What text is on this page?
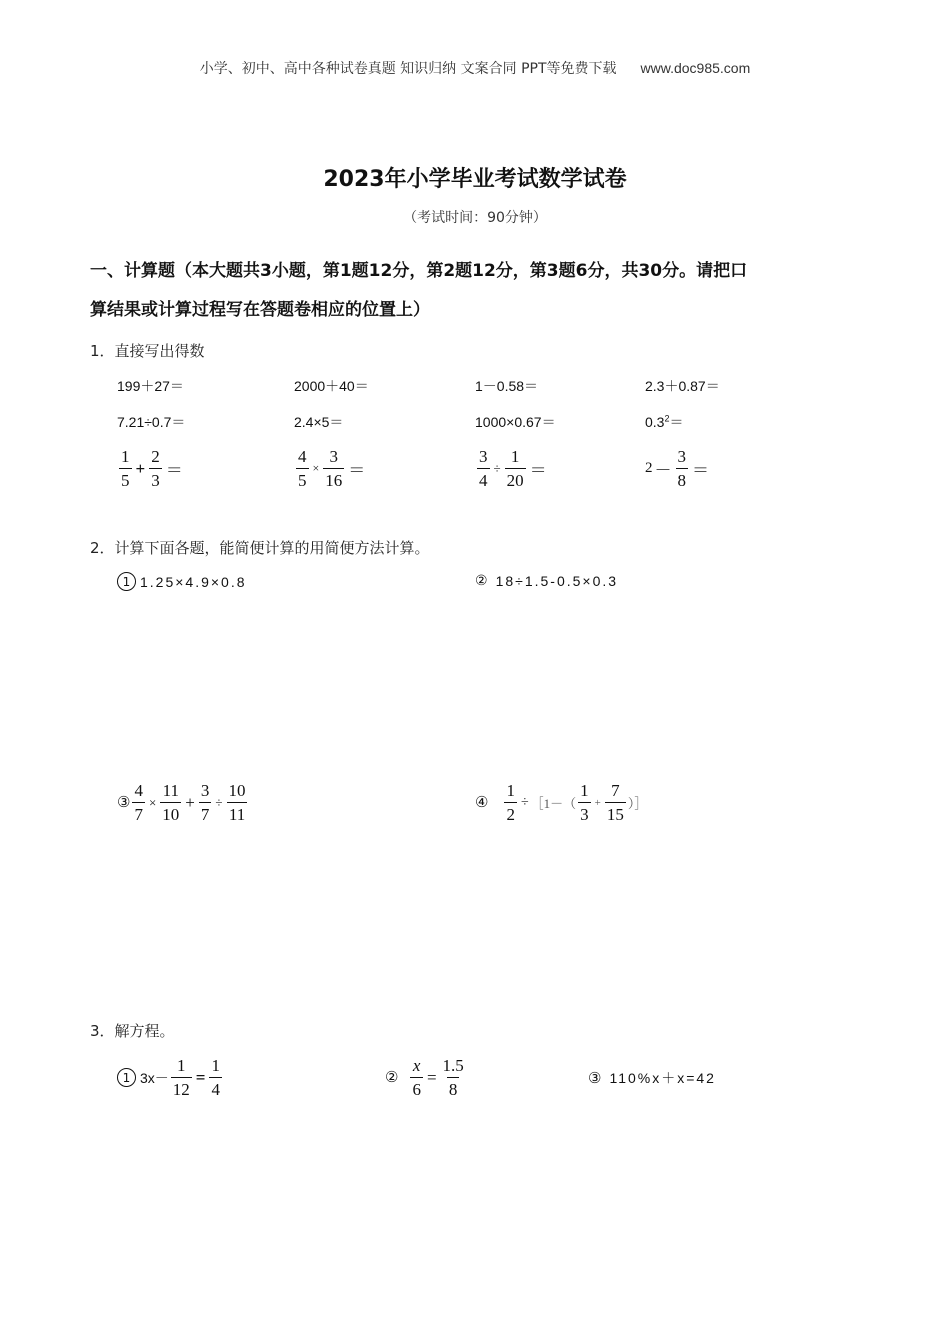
小学、初中、高中各种试卷真题 知识归纳 文案合同 PPT等免费下载 www.doc985.com
2023年小学毕业考试数学试卷
（考试时间：90分钟）
一、计算题（本大题共3小题，第1题12分，第2题12分，第3题6分，共30分。请把口
算结果或计算过程写在答题卷相应的位置上）
1．直接写出得数
199＋27＝	2000＋40＝	1－0.58＝	2.3＋0.87＝
7.21÷0.7＝	2.4×5＝	1000×0.67＝	$0.3^2=$
$\frac{1}{5} + \frac{2}{3}$ ＝	$\frac{4}{5} \times \frac{3}{16}$ ＝	$\frac{3}{4} \div \frac{1}{20}$ ＝	$2 - \frac{3}{8}$ ＝
2．计算下面各题，能简便计算的用简便方法计算。
1 1.25×4.9×0.8	② 18÷1.5-0.5×0.3
③ $\frac{4}{7} \times \frac{11}{10} + \frac{3}{7} \div \frac{10}{11}$	④ $\frac{1}{2}$ ÷ ［1－（ $\frac{1}{3} + \frac{7}{15}$ ）］
3．解方程。
1 $3x- \frac{1}{12} = \frac{1}{4}$	② $\frac{x}{6} = \frac{1.5}{8}$	③ 110%x＋x=42
